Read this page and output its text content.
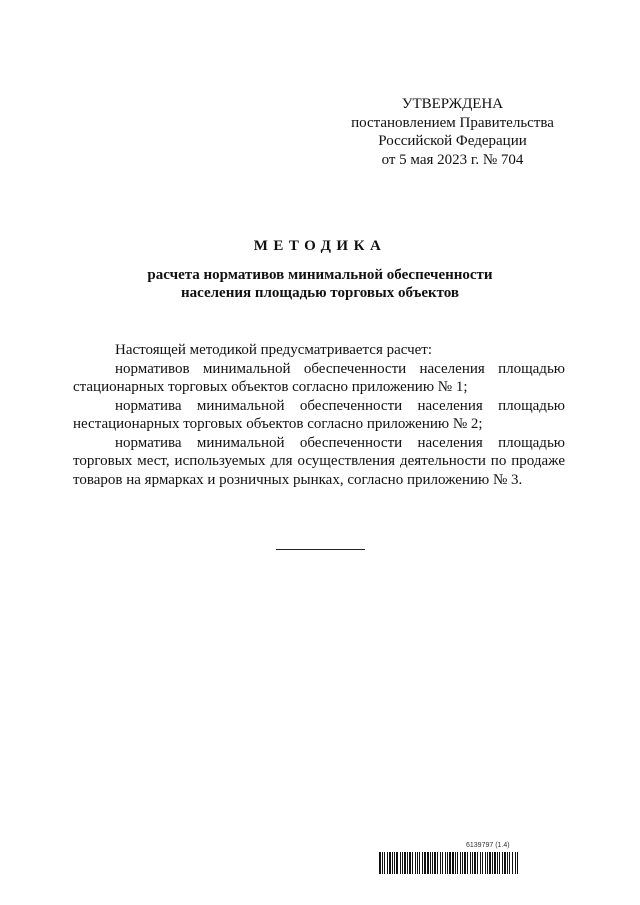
УТВЕРЖДЕНА
постановлением Правительства
Российской Федерации
от 5 мая 2023 г. № 704
МЕТОДИКА
расчета нормативов минимальной обеспеченности
населения площадью торговых объектов

Настоящей методикой предусматривается расчет:

нормативов минимальной обеспеченности населения площадью стационарных торговых объектов согласно приложению № 1;

норматива минимальной обеспеченности населения площадью нестационарных торговых объектов согласно приложению № 2;

норматива минимальной обеспеченности населения площадью торговых мест, используемых для осуществления деятельности по продаже товаров на ярмарках и розничных рынках, согласно приложению № 3.

6139797 (1.4)
